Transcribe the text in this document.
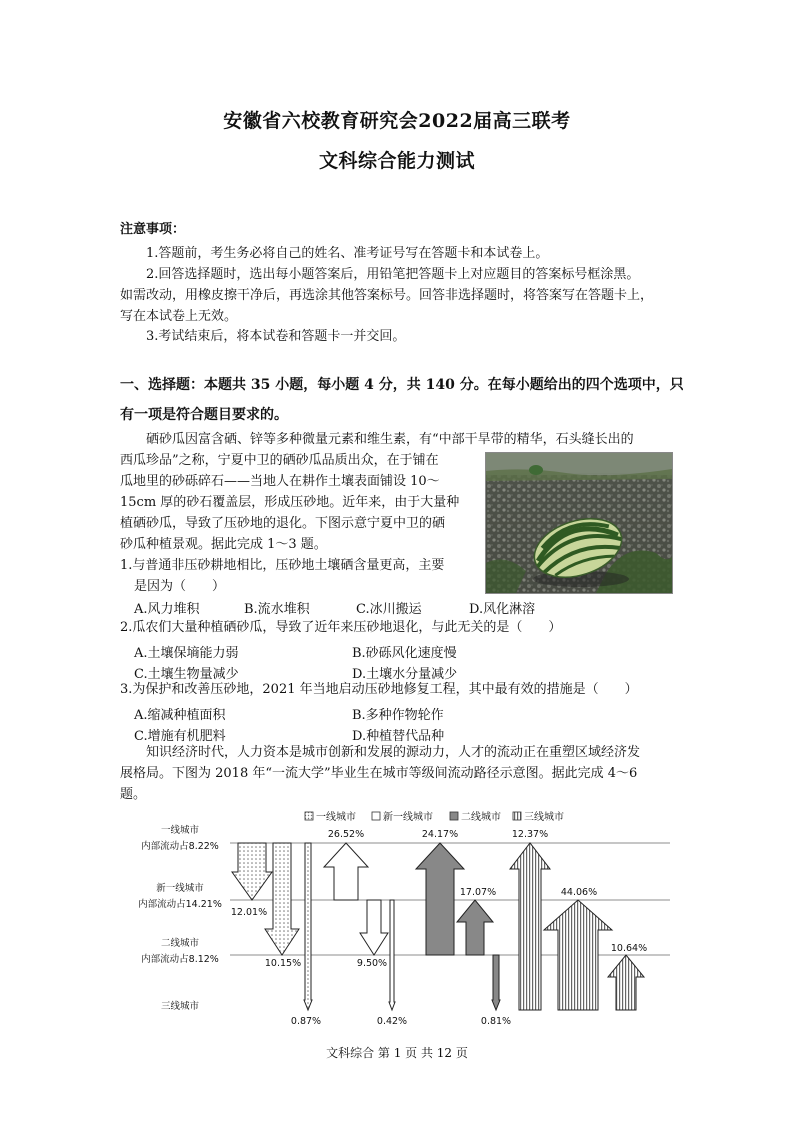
安徽省六校教育研究会2022届高三联考
文科综合能力测试
注意事项：
1.答题前，考生务必将自己的姓名、准考证号写在答题卡和本试卷上。
2.回答选择题时，选出每小题答案后，用铅笔把答题卡上对应题目的答案标号框涂黑。
如需改动，用橡皮擦干净后，再选涂其他答案标号。回答非选择题时，将答案写在答题卡上，
写在本试卷上无效。
3.考试结束后，将本试卷和答题卡一并交回。
一、选择题：本题共 35 小题，每小题 4 分，共 140 分。在每小题给出的四个选项中，只
有一项是符合题目要求的。
硒砂瓜因富含硒、锌等多种微量元素和维生素，有“中部干旱带的精华，石头缝长出的
西瓜珍品”之称，宁夏中卫的硒砂瓜品质出众，在于铺在
瓜地里的砂砾碎石——当地人在耕作土壤表面铺设 10～
15cm 厚的砂石覆盖层，形成压砂地。近年来，由于大量种
植硒砂瓜，导致了压砂地的退化。下图示意宁夏中卫的硒
砂瓜种植景观。据此完成 1～3 题。
1.与普通非压砂耕地相比，压砂地土壤硒含量更高，主要
是因为（　　）
A.风力堆积	B.流水堆积	C.冰川搬运	D.风化淋溶
2.瓜农们大量种植硒砂瓜，导致了近年来压砂地退化，与此无关的是（　　）
A.土壤保墒能力弱	B.砂砾风化速度慢
C.土壤生物量减少	D.土壤水分量减少
3.为保护和改善压砂地，2021 年当地启动压砂地修复工程，其中最有效的措施是（　　）
A.缩减种植面积	B.多种作物轮作
C.增施有机肥料	D.种植替代品种
知识经济时代，人力资本是城市创新和发展的源动力，人才的流动正在重塑区域经济发
展格局。下图为 2018 年“一流大学”毕业生在城市等级间流动路径示意图。据此完成 4～6
题。
一线城市	新一线城市	二线城市 三线城市
一线城市
内部流动占8.22%
新一线城市
内部流动占14.21%
二线城市
内部流动占8.12%
三线城市
12.01%
10.15%
0.87%
26.52%
9.50%
0.42%
24.17%
17.07%
0.81%
12.37%
44.06%
10.64%
文科综合 第 1 页 共 12 页
